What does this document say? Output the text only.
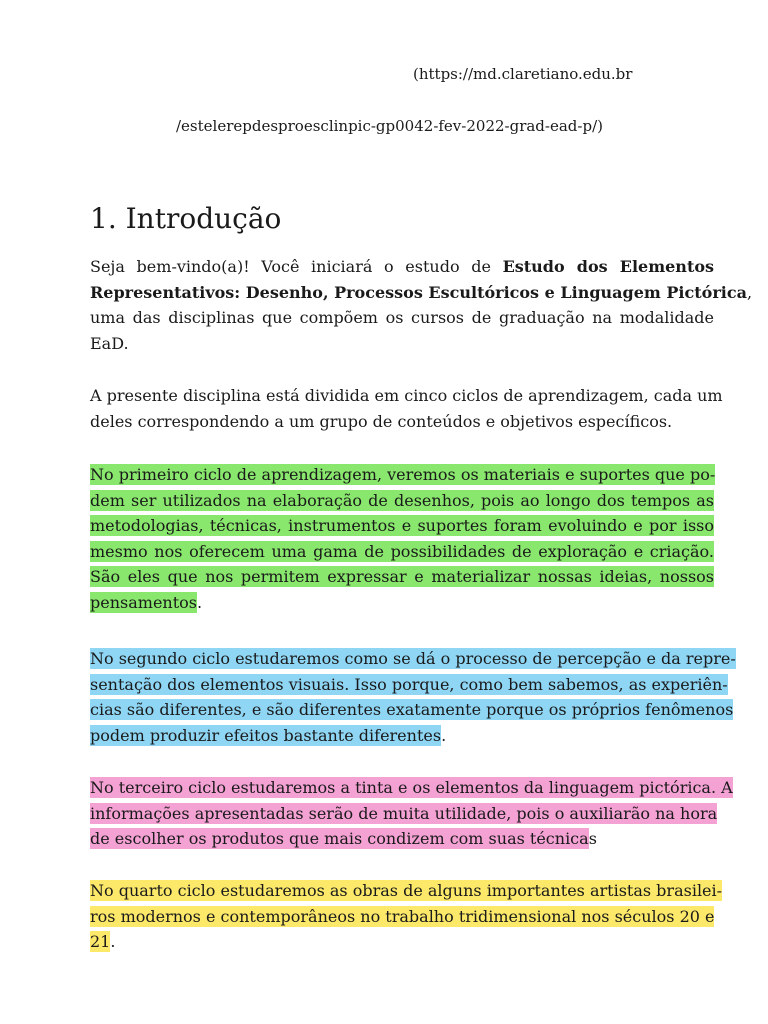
(https://md.claretiano.edu.br
/estelerepdesproesclinpic-gp0042-fev-2022-grad-ead-p/)
1. Introdução
Seja bem-vindo(a)! Você iniciará o estudo de Estudo dos Elementos
Representativos: Desenho, Processos Escultóricos e Linguagem Pictórica,
uma das disciplinas que compõem os cursos de graduação na modalidade
EaD.
A presente disciplina está dividida em cinco ciclos de aprendizagem, cada um
deles correspondendo a um grupo de conteúdos e objetivos específicos.
No primeiro ciclo de aprendizagem, veremos os materiais e suportes que po-
dem ser utilizados na elaboração de desenhos, pois ao longo dos tempos as
metodologias, técnicas, instrumentos e suportes foram evoluindo e por isso
mesmo nos oferecem uma gama de possibilidades de exploração e criação.
São eles que nos permitem expressar e materializar nossas ideias, nossos
pensamentos.
No segundo ciclo estudaremos como se dá o processo de percepção e da repre-
sentação dos elementos visuais. Isso porque, como bem sabemos, as experiên-
cias são diferentes, e são diferentes exatamente porque os próprios fenômenos
podem produzir efeitos bastante diferentes.
No terceiro ciclo estudaremos a tinta e os elementos da linguagem pictórica. A
informações apresentadas serão de muita utilidade, pois o auxiliarão na hora
de escolher os produtos que mais condizem com suas técnicas
No quarto ciclo estudaremos as obras de alguns importantes artistas brasilei-
ros modernos e contemporâneos no trabalho tridimensional nos séculos 20 e
21.
